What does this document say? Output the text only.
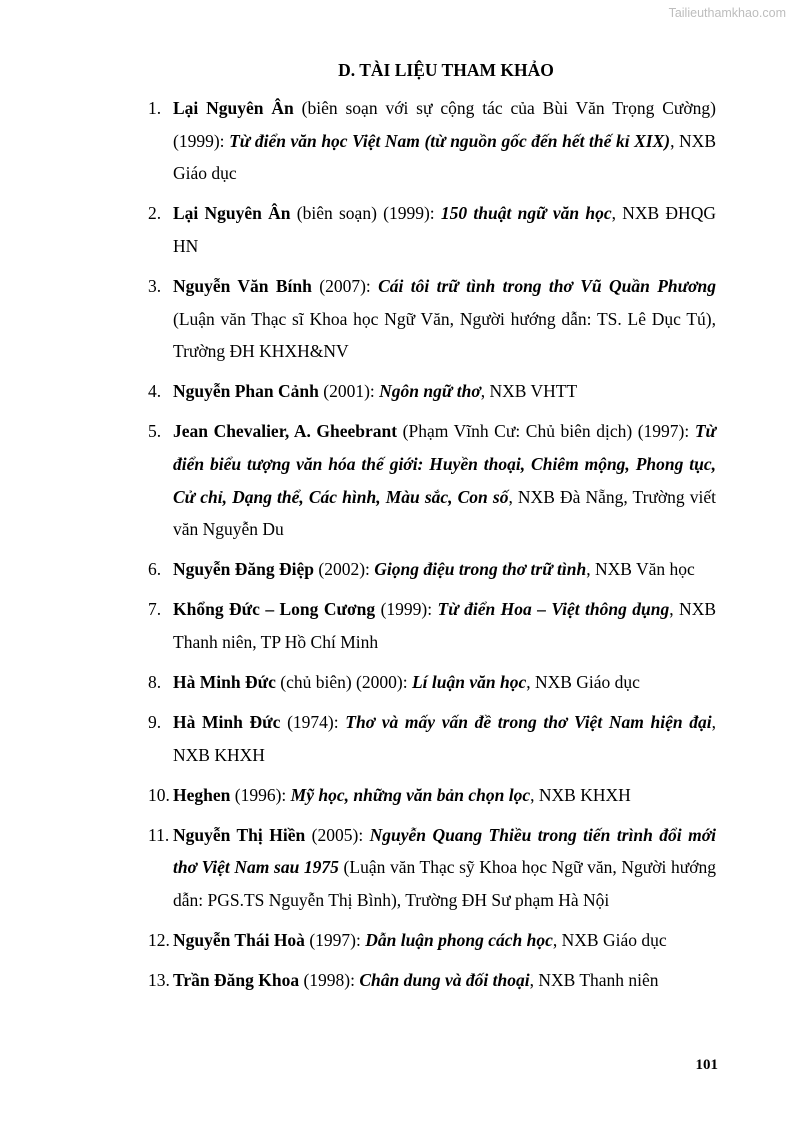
Tailieuthamkhao.com
D. TÀI LIỆU THAM KHẢO
1. Lại Nguyên Ân (biên soạn với sự cộng tác của Bùi Văn Trọng Cường) (1999): Từ điển văn học Việt Nam (từ nguồn gốc đến hết thế kỉ XIX), NXB Giáo dục
2. Lại Nguyên Ân (biên soạn) (1999): 150 thuật ngữ văn học, NXB ĐHQG HN
3. Nguyễn Văn Bính (2007): Cái tôi trữ tình trong thơ Vũ Quần Phương (Luận văn Thạc sĩ Khoa học Ngữ Văn, Người hướng dẫn: TS. Lê Dục Tú), Trường ĐH KHXH&NV
4. Nguyễn Phan Cảnh (2001): Ngôn ngữ thơ, NXB VHTT
5. Jean Chevalier, A. Gheebrant (Phạm Vĩnh Cư: Chủ biên dịch) (1997): Từ điển biểu tượng văn hóa thế giới: Huyền thoại, Chiêm mộng, Phong tục, Cử chỉ, Dạng thể, Các hình, Màu sắc, Con số, NXB Đà Nẵng, Trường viết văn Nguyễn Du
6. Nguyễn Đăng Điệp (2002): Giọng điệu trong thơ trữ tình, NXB Văn học
7. Khổng Đức – Long Cương (1999): Từ điển Hoa – Việt thông dụng, NXB Thanh niên, TP Hồ Chí Minh
8. Hà Minh Đức (chủ biên) (2000): Lí luận văn học, NXB Giáo dục
9. Hà Minh Đức (1974): Thơ và mấy vấn đề trong thơ Việt Nam hiện đại, NXB KHXH
10. Heghen (1996): Mỹ học, những văn bản chọn lọc, NXB KHXH
11. Nguyễn Thị Hiền (2005): Nguyễn Quang Thiều trong tiến trình đổi mới thơ Việt Nam sau 1975 (Luận văn Thạc sỹ Khoa học Ngữ văn, Người hướng dẫn: PGS.TS Nguyễn Thị Bình), Trường ĐH Sư phạm Hà Nội
12. Nguyễn Thái Hoà (1997): Dẫn luận phong cách học, NXB Giáo dục
13. Trần Đăng Khoa (1998): Chân dung và đối thoại, NXB Thanh niên
101
